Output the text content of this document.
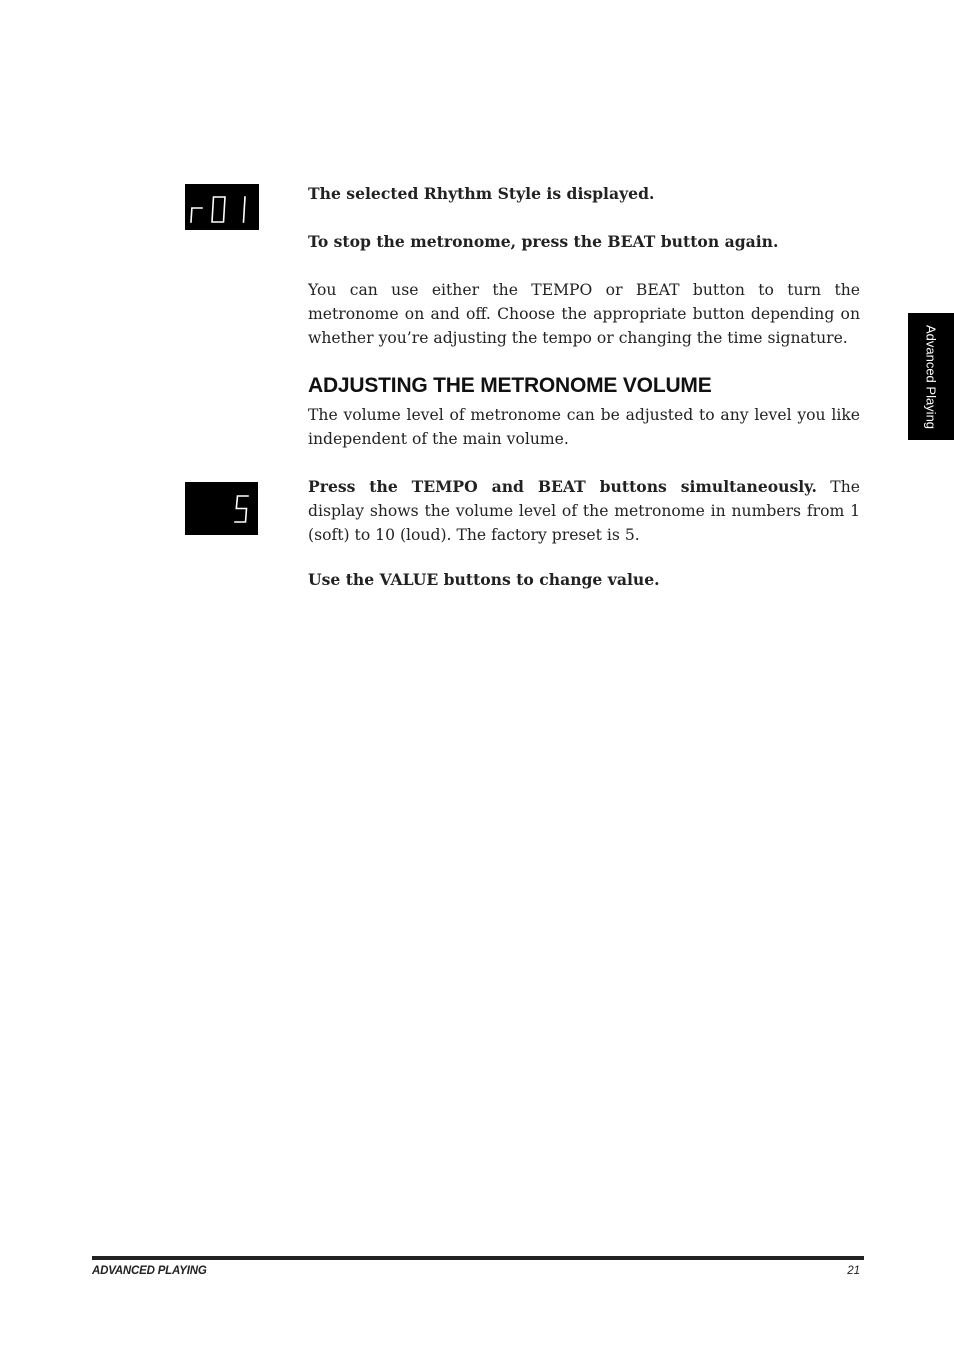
The selected Rhythm Style is displayed.
To stop the metronome, press the BEAT button again.
You can use either the TEMPO or BEAT button to turn the metronome on and off. Choose the appropriate button depending on whether you’re adjusting the tempo or changing the time signature.
ADJUSTING THE METRONOME VOLUME
The volume level of metronome can be adjusted to any level you like independent of the main volume.
Press the TEMPO and BEAT buttons simultaneously. The display shows the volume level of the metronome in numbers from 1 (soft) to 10 (loud). The factory preset is 5.
Use the VALUE buttons to change value.
Advanced Playing
ADVANCED PLAYING	21
